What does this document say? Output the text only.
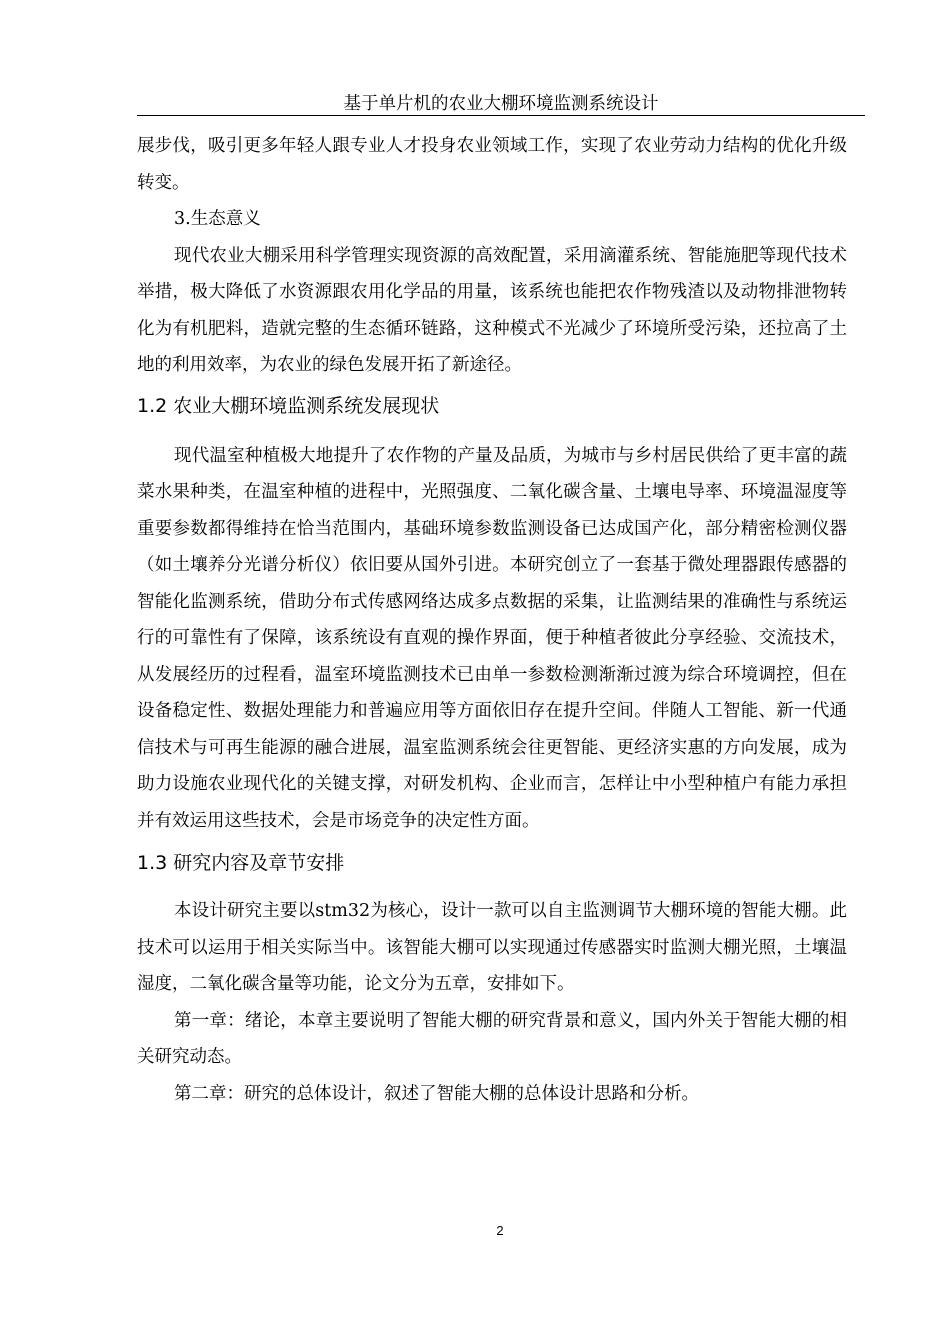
基于单片机的农业大棚环境监测系统设计

展步伐，吸引更多年轻人跟专业人才投身农业领域工作，实现了农业劳动力结构的优化升级转变。

3.生态意义

现代农业大棚采用科学管理实现资源的高效配置，采用滴灌系统、智能施肥等现代技术举措，极大降低了水资源跟农用化学品的用量，该系统也能把农作物残渣以及动物排泄物转化为有机肥料，造就完整的生态循环链路，这种模式不光减少了环境所受污染，还拉高了土地的利用效率，为农业的绿色发展开拓了新途径。

1.2 农业大棚环境监测系统发展现状

现代温室种植极大地提升了农作物的产量及品质，为城市与乡村居民供给了更丰富的蔬菜水果种类，在温室种植的进程中，光照强度、二氧化碳含量、土壤电导率、环境温湿度等重要参数都得维持在恰当范围内，基础环境参数监测设备已达成国产化，部分精密检测仪器（如土壤养分光谱分析仪）依旧要从国外引进。本研究创立了一套基于微处理器跟传感器的智能化监测系统，借助分布式传感网络达成多点数据的采集，让监测结果的准确性与系统运行的可靠性有了保障，该系统设有直观的操作界面，便于种植者彼此分享经验、交流技术，从发展经历的过程看，温室环境监测技术已由单一参数检测渐渐过渡为综合环境调控，但在设备稳定性、数据处理能力和普遍应用等方面依旧存在提升空间。伴随人工智能、新一代通信技术与可再生能源的融合进展，温室监测系统会往更智能、更经济实惠的方向发展，成为助力设施农业现代化的关键支撑，对研发机构、企业而言，怎样让中小型种植户有能力承担并有效运用这些技术，会是市场竞争的决定性方面。

1.3 研究内容及章节安排

本设计研究主要以stm32为核心，设计一款可以自主监测调节大棚环境的智能大棚。此技术可以运用于相关实际当中。该智能大棚可以实现通过传感器实时监测大棚光照，土壤温湿度，二氧化碳含量等功能，论文分为五章，安排如下。

第一章：绪论，本章主要说明了智能大棚的研究背景和意义，国内外关于智能大棚的相关研究动态。

第二章：研究的总体设计，叙述了智能大棚的总体设计思路和分析。

2
